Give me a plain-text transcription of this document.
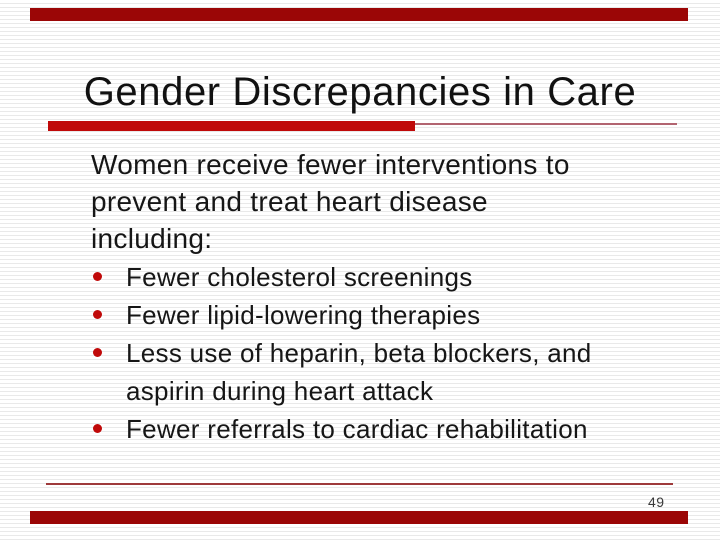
Gender Discrepancies in Care
Women receive fewer interventions to
prevent and treat heart disease
including:
Fewer cholesterol screenings
Fewer lipid-lowering therapies
Less use of heparin, beta blockers, and
aspirin during heart attack
Fewer referrals to cardiac rehabilitation
49
